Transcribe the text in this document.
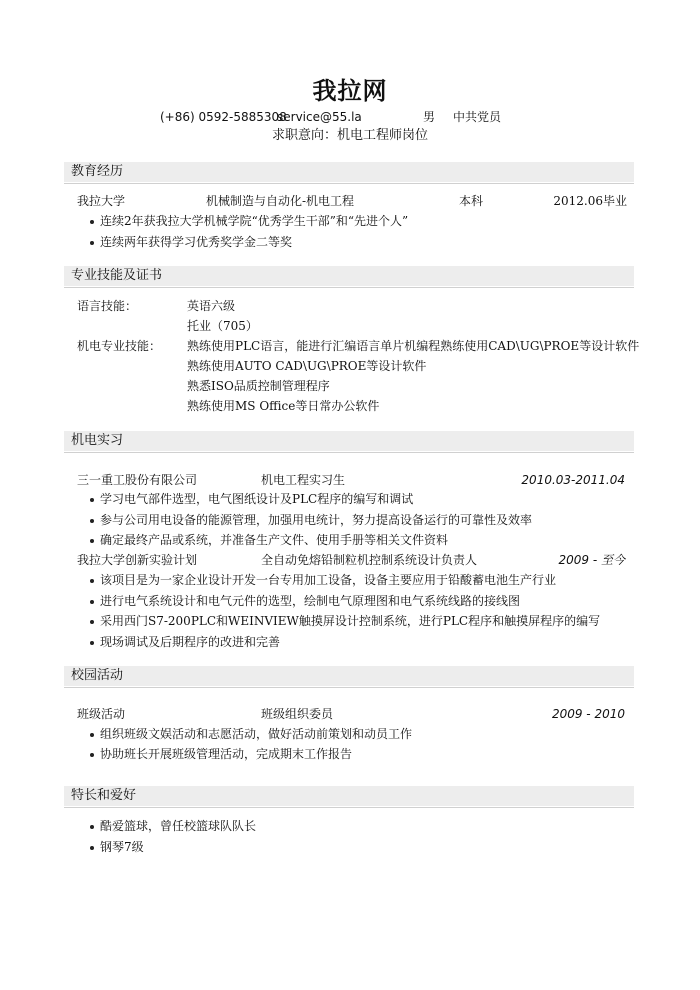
我拉网
(+86) 0592-5885308
service@55.la	男 中共党员
求职意向：机电工程师岗位
教育经历
我拉大学	机械制造与自动化-机电工程	本科	2012.06毕业
连续2年获我拉大学机械学院“优秀学生干部”和“先进个人”
连续两年获得学习优秀奖学金二等奖
专业技能及证书
语言技能：	英语六级
托业（705）
机电专业技能： 熟练使用PLC语言，能进行汇编语言单片机编程熟练使用CAD\UG\PROE等设计软件
熟练使用AUTO CAD\UG\PROE等设计软件
熟悉ISO品质控制管理程序
熟练使用MS Office等日常办公软件
机电实习
三一重工股份有限公司	机电工程实习生	2010.03-2011.04
学习电气部件选型，电气图纸设计及PLC程序的编写和调试
参与公司用电设备的能源管理，加强用电统计，努力提高设备运行的可靠性及效率
确定最终产品或系统，并准备生产文件、使用手册等相关文件资料
我拉大学创新实验计划	全自动免熔铅制粒机控制系统设计负责人	2009 - 至今
该项目是为一家企业设计开发一台专用加工设备，设备主要应用于铅酸蓄电池生产行业
进行电气系统设计和电气元件的选型，绘制电气原理图和电气系统线路的接线图
采用西门S7-200PLC和WEINVIEW触摸屏设计控制系统，进行PLC程序和触摸屏程序的编写
现场调试及后期程序的改进和完善
校园活动
班级活动	班级组织委员	2009 - 2010
组织班级文娱活动和志愿活动，做好活动前策划和动员工作
协助班长开展班级管理活动，完成期末工作报告
特长和爱好
酷爱篮球，曾任校篮球队队长
钢琴7级
